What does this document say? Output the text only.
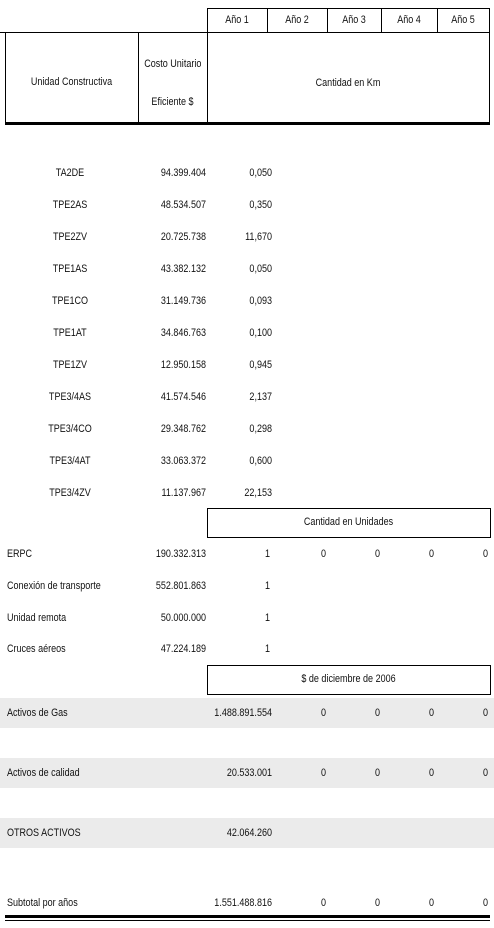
Año 1	Año 2	Año 3	Año 4	Año 5
Unidad Constructiva
Costo Unitario
Eficiente $
Cantidad en Km
TA2DE	94.399.404	0,050
TPE2AS	48.534.507	0,350
TPE2ZV	20.725.738	11,670
TPE1AS	43.382.132	0,050
TPE1CO	31.149.736	0,093
TPE1AT	34.846.763	0,100
TPE1ZV	12.950.158	0,945
TPE3/4AS	41.574.546	2,137
TPE3/4CO	29.348.762	0,298
TPE3/4AT	33.063.372	0,600
TPE3/4ZV	11.137.967	22,153
Cantidad en Unidades
ERPC	190.332.313	1	0	0	0	0
Conexión de transporte	552.801.863	1
Unidad remota	50.000.000	1
Cruces aéreos	47.224.189	1
$ de diciembre de 2006
Activos de Gas	1.488.891.554	0	0	0	0
Activos de calidad	20.533.001	0	0	0	0
OTROS ACTIVOS	42.064.260
Subtotal por años	1.551.488.816	0	0	0	0
